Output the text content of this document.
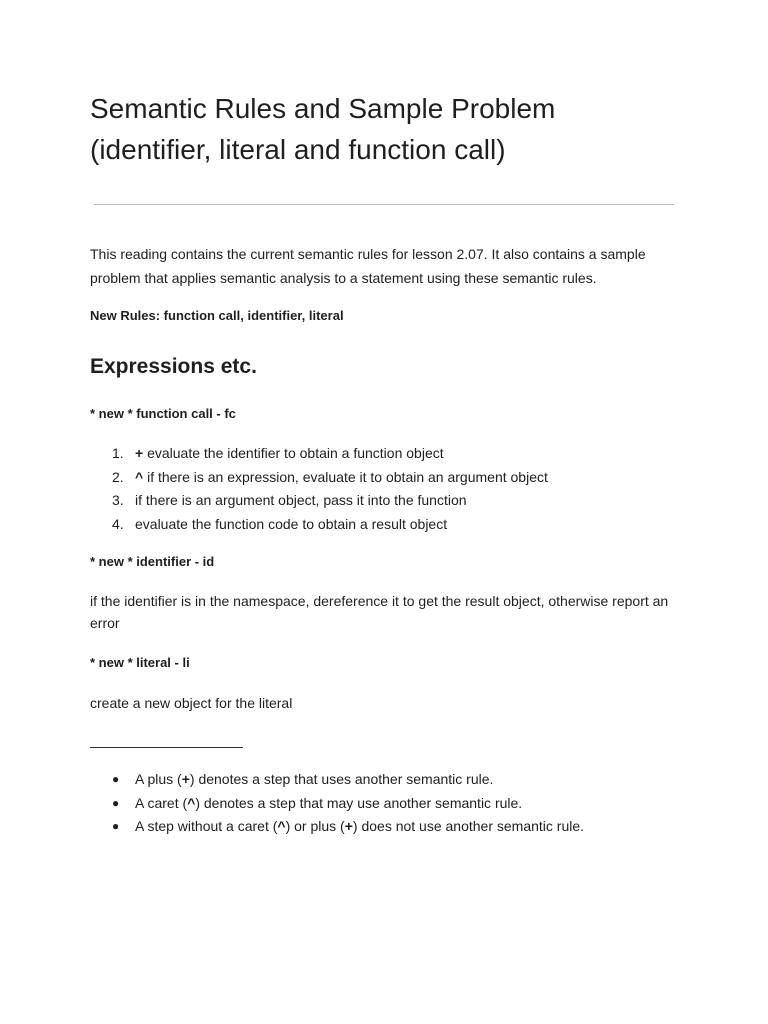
Semantic Rules and Sample Problem
(identifier, literal and function call)

This reading contains the current semantic rules for lesson 2.07. It also contains a sample problem that applies semantic analysis to a statement using these semantic rules.

New Rules: function call, identifier, literal

Expressions etc.

* new * function call - fc

1. + evaluate the identifier to obtain a function object
2. ^ if there is an expression, evaluate it to obtain an argument object
3. if there is an argument object, pass it into the function
4. evaluate the function code to obtain a result object

* new * identifier - id

if the identifier is in the namespace, dereference it to get the result object, otherwise report an error

* new * literal - li

create a new object for the literal

● A plus (+) denotes a step that uses another semantic rule.
● A caret (^) denotes a step that may use another semantic rule.
● A step without a caret (^) or plus (+) does not use another semantic rule.
